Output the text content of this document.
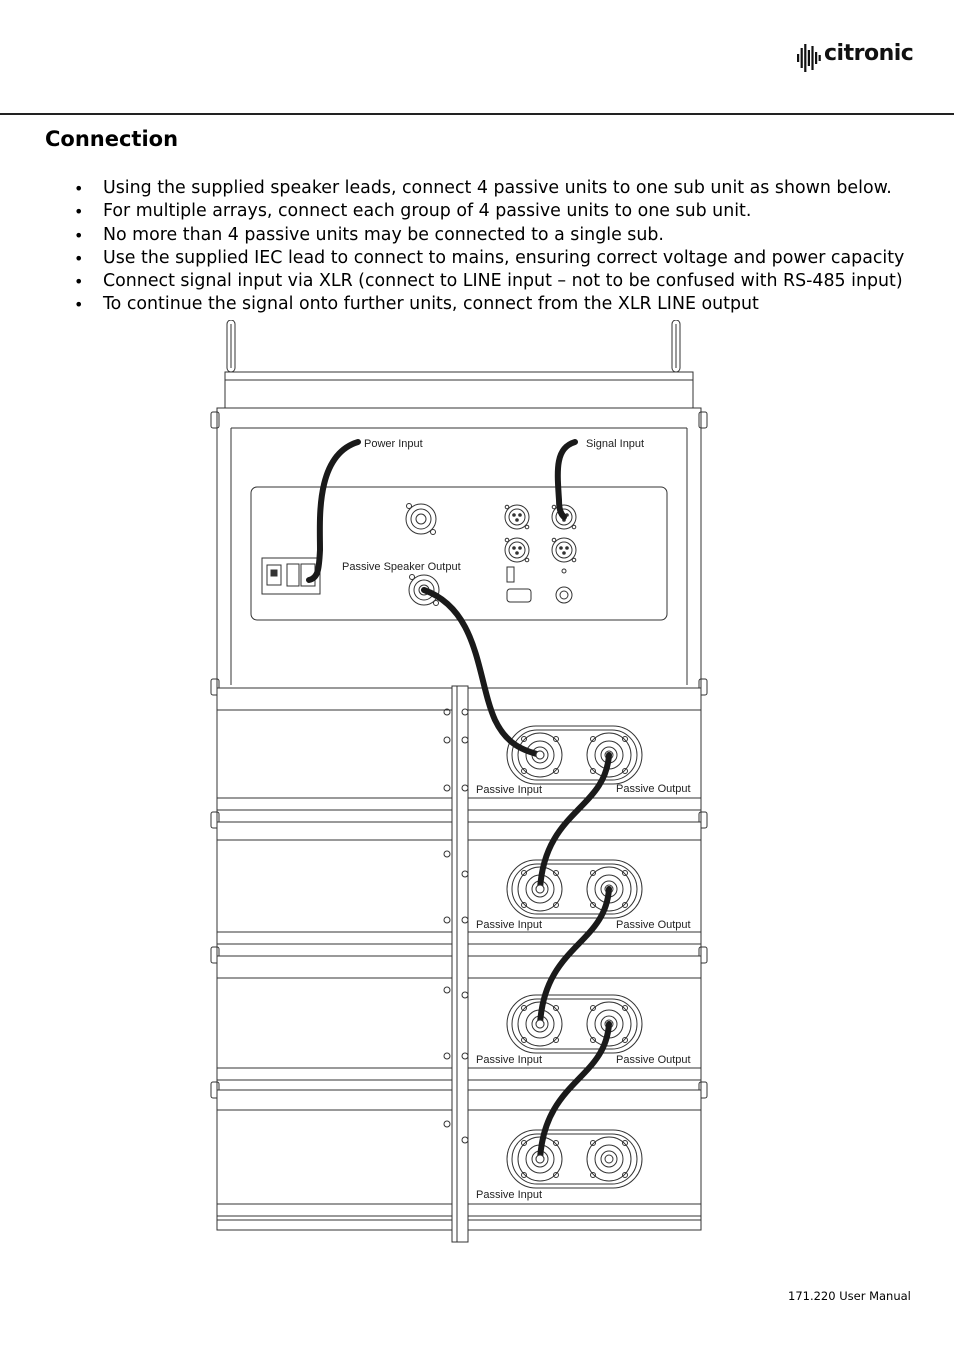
citronic
Connection
• Using the supplied speaker leads, connect 4 passive units to one sub unit as shown below.
• For multiple arrays, connect each group of 4 passive units to one sub unit.
• No more than 4 passive units may be connected to a single sub.
• Use the supplied IEC lead to connect to mains, ensuring correct voltage and power capacity
• Connect signal input via XLR (connect to LINE input – not to be confused with RS-485 input)
• To continue the signal onto further units, connect from the XLR LINE output
Power Input	Signal Input
Passive Speaker Output
Passive Input	Passive Output
Passive Input	Passive Output
Passive Input	Passive Output
Passive Input
171.220 User Manual
